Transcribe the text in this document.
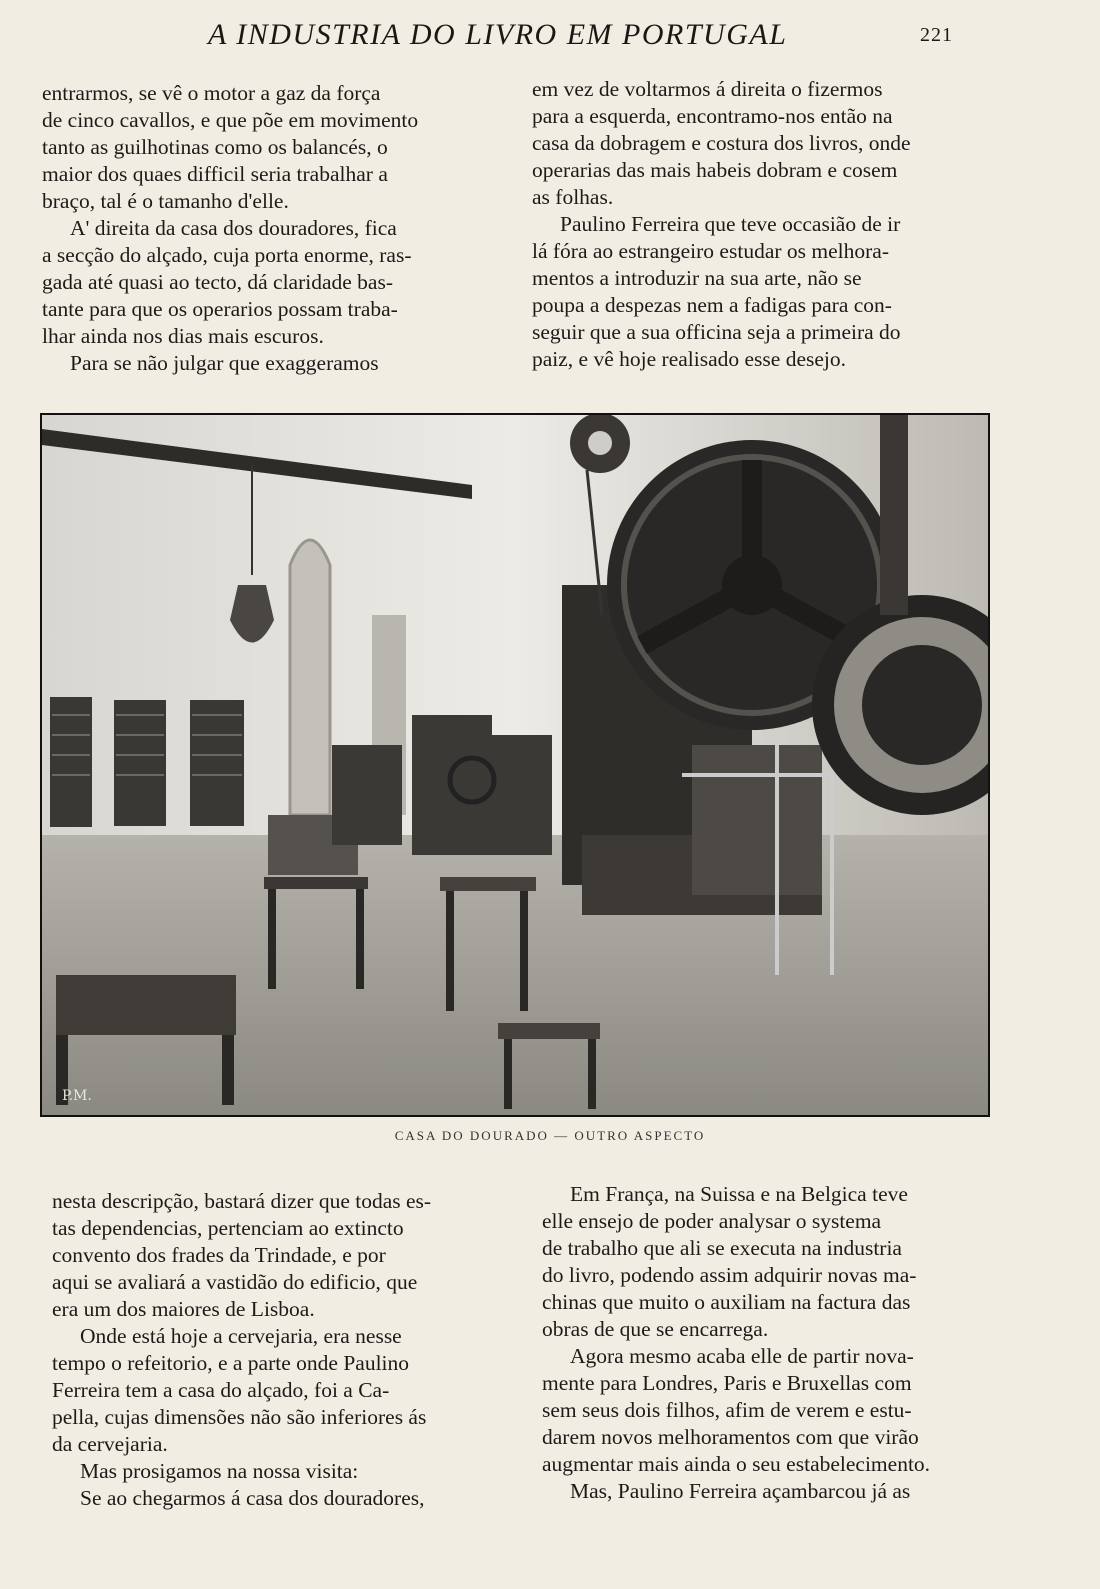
A INDUSTRIA DO LIVRO EM PORTUGAL	221

entrarmos, se vê o motor a gaz da força

de cinco cavallos, e que põe em movimento

tanto as guilhotinas como os balancés, o

maior dos quaes difficil seria trabalhar a

braço, tal é o tamanho d'elle.

A' direita da casa dos douradores, fica

a secção do alçado, cuja porta enorme, ras-

gada até quasi ao tecto, dá claridade bas-

tante para que os operarios possam traba-

lhar ainda nos dias mais escuros.

Para se não julgar que exaggeramos

em vez de voltarmos á direita o fizermos

para a esquerda, encontramo-nos então na

casa da dobragem e costura dos livros, onde

operarias das mais habeis dobram e cosem

as folhas.

Paulino Ferreira que teve occasião de ir

lá fóra ao estrangeiro estudar os melhora-

mentos a introduzir na sua arte, não se

poupa a despezas nem a fadigas para con-

seguir que a sua officina seja a primeira do

paiz, e vê hoje realisado esse desejo.

P.M.
CASA DO DOURADO — OUTRO ASPECTO

nesta descripção, bastará dizer que todas es-

tas dependencias, pertenciam ao extincto

convento dos frades da Trindade, e por

aqui se avaliará a vastidão do edificio, que

era um dos maiores de Lisboa.

Onde está hoje a cervejaria, era nesse

tempo o refeitorio, e a parte onde Paulino

Ferreira tem a casa do alçado, foi a Ca-

pella, cujas dimensões não são inferiores ás

da cervejaria.

Mas prosigamos na nossa visita:

Se ao chegarmos á casa dos douradores,

Em França, na Suissa e na Belgica teve

elle ensejo de poder analysar o systema

de trabalho que ali se executa na industria

do livro, podendo assim adquirir novas ma-

chinas que muito o auxiliam na factura das

obras de que se encarrega.

Agora mesmo acaba elle de partir nova-

mente para Londres, Paris e Bruxellas com

sem seus dois filhos, afim de verem e estu-

darem novos melhoramentos com que virão

augmentar mais ainda o seu estabelecimento.

Mas, Paulino Ferreira açambarcou já as
